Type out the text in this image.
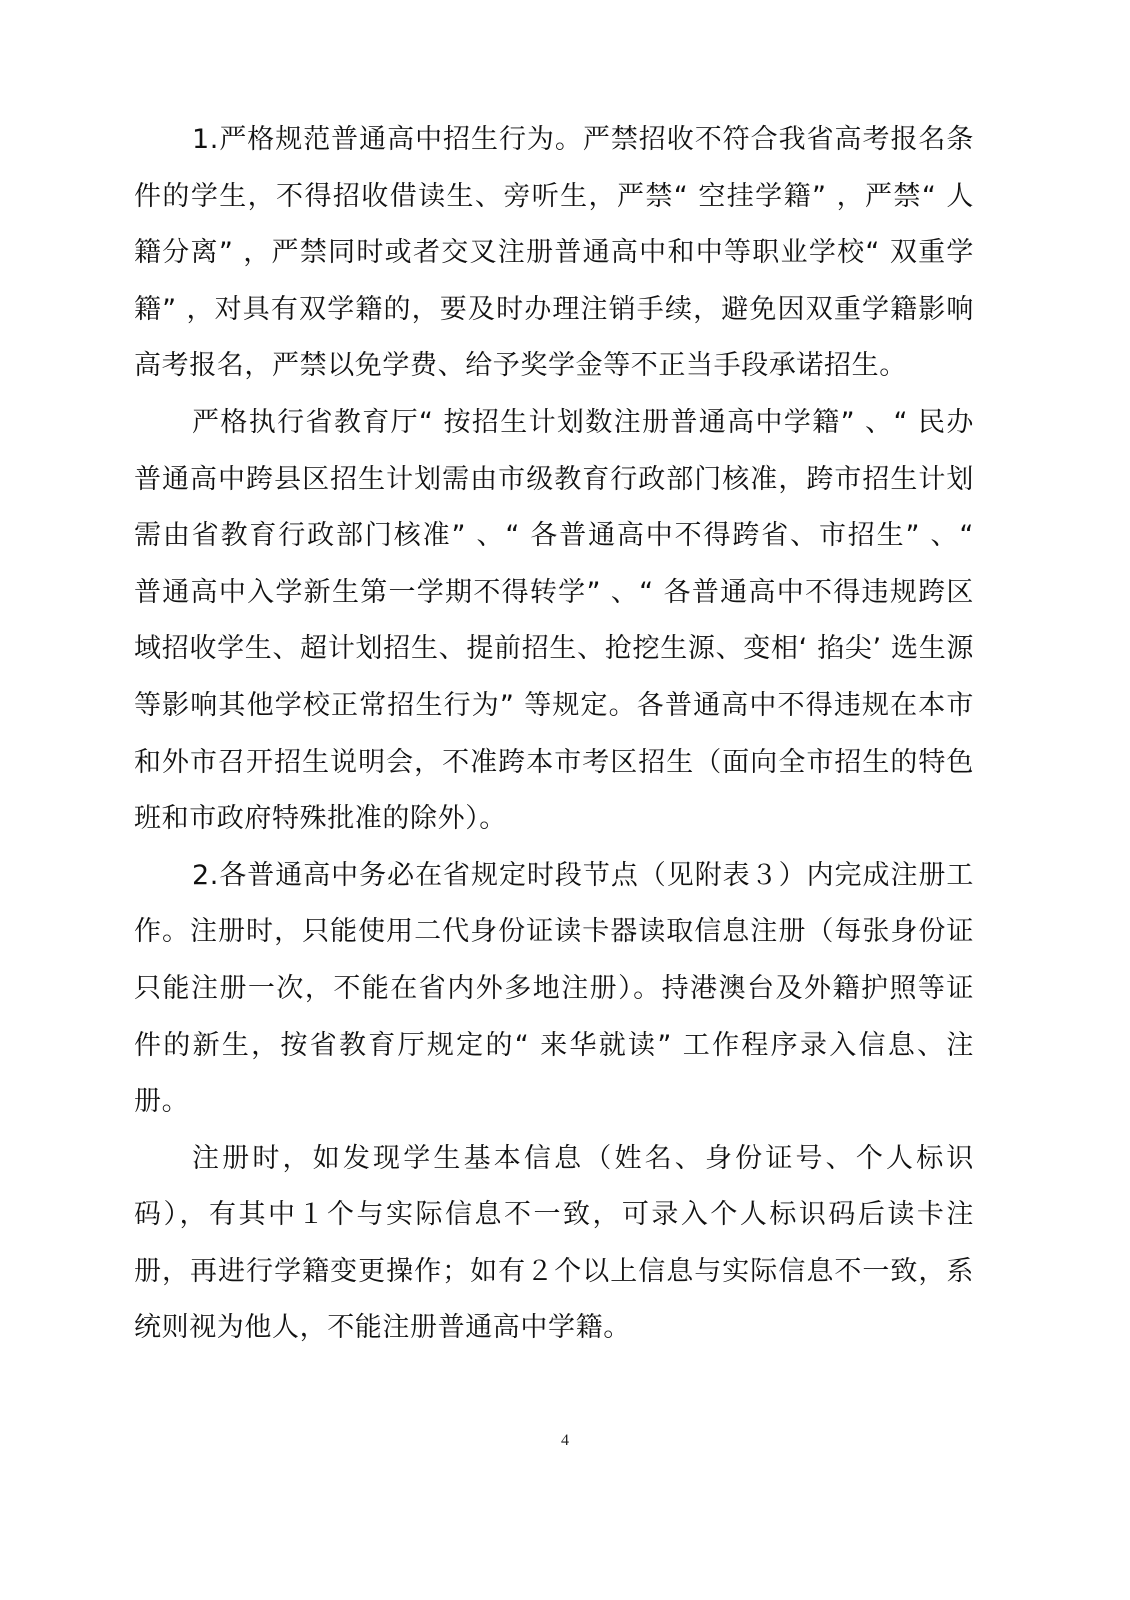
1.严格规范普通高中招生行为。严禁招收不符合我省高考报名条件的学生，不得招收借读生、旁听生，严禁“ 空挂学籍” ，严禁“ 人籍分离” ，严禁同时或者交叉注册普通高中和中等职业学校“ 双重学籍” ，对具有双学籍的，要及时办理注销手续，避免因双重学籍影响高考报名，严禁以免学费、给予奖学金等不正当手段承诺招生。

严格执行省教育厅“ 按招生计划数注册普通高中学籍” 、“ 民办普通高中跨县区招生计划需由市级教育行政部门核准，跨市招生计划需由省教育行政部门核准” 、“ 各普通高中不得跨省、市招生” 、“ 普通高中入学新生第一学期不得转学” 、“ 各普通高中不得违规跨区域招收学生、超计划招生、提前招生、抢挖生源、变相‘ 掐尖’ 选生源等影响其他学校正常招生行为” 等规定。各普通高中不得违规在本市和外市召开招生说明会，不准跨本市考区招生（面向全市招生的特色班和市政府特殊批准的除外）。

2.各普通高中务必在省规定时段节点（见附表３）内完成注册工作。注册时，只能使用二代身份证读卡器读取信息注册（每张身份证只能注册一次，不能在省内外多地注册）。持港澳台及外籍护照等证件的新生，按省教育厅规定的“ 来华就读” 工作程序录入信息、注册。

注册时，如发现学生基本信息（姓名、身份证号、个人标识码），有其中１个与实际信息不一致，可录入个人标识码后读卡注册，再进行学籍变更操作；如有２个以上信息与实际信息不一致，系统则视为他人，不能注册普通高中学籍。

4
